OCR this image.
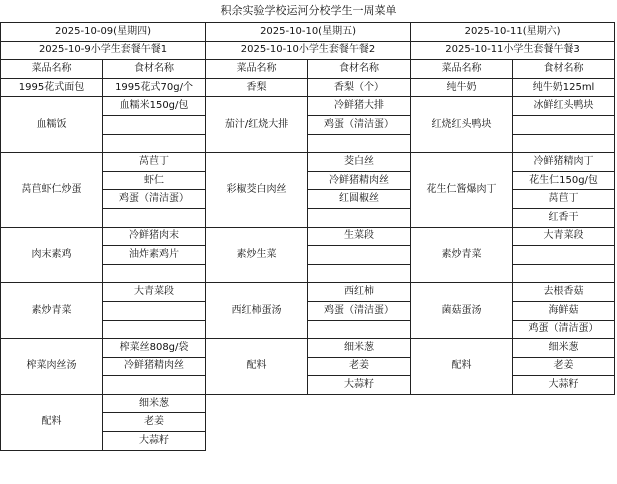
积余实验学校运河分校学生一周菜单
2025-10-09(星期四)		2025-10-10(星期五)		2025-10-11(星期六)	
2025-10-9小学生套餐午餐1		2025-10-10小学生套餐午餐2		2025-10-11小学生套餐午餐3	
菜品名称	食材名称	菜品名称	食材名称	菜品名称	食材名称
1995花式面包	1995花式70g/个	香梨	香梨（个）	纯牛奶	纯牛奶125ml
血糯饭	血糯米150g/包	茄汁/红烧大排	冷鲜猪大排	红烧红头鸭块	冰鲜红头鸭块
			鸡蛋（清洁蛋）		

莴苣虾仁炒蛋	莴苣丁	彩椒茭白肉丝	茭白丝	花生仁酱爆肉丁	冷鲜猪精肉丁
	虾仁		冷鲜猪精肉丝		花生仁150g/包
	鸡蛋（清洁蛋）		红圆椒丝		莴苣丁
					红香干
肉末素鸡	冷鲜猪肉末	素炒生菜	生菜段	素炒青菜	大青菜段
	油炸素鸡片				

素炒青菜	大青菜段	西红柿蛋汤	西红柿	菌菇蛋汤	去根香菇
			鸡蛋（清洁蛋）		海鲜菇
					鸡蛋（清洁蛋）
榨菜肉丝汤	榨菜丝808g/袋	配料	细米葱	配料	细米葱
	冷鲜猪精肉丝		老姜		老姜
			大蒜籽		大蒜籽
配料	细米葱				
	老姜				
	大蒜籽				
